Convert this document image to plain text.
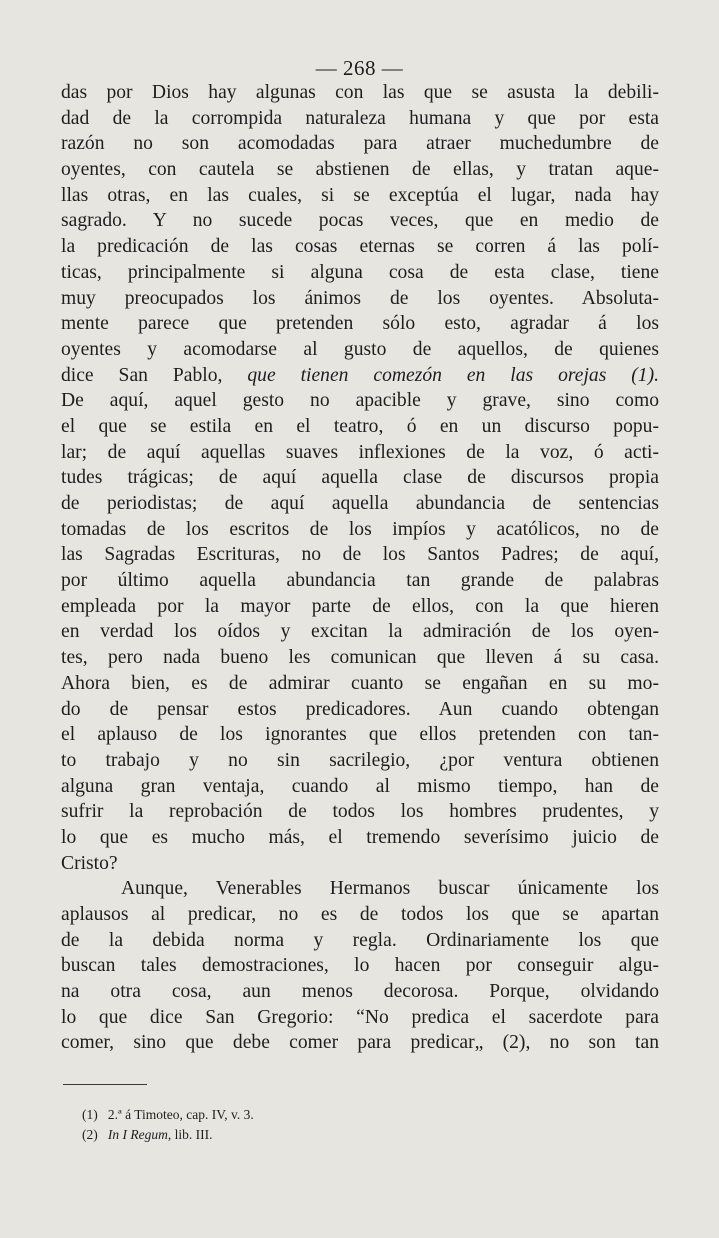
— 268 —
das por Dios hay algunas con las que se asusta la debili-
dad de la corrompida naturaleza humana y que por esta
razón no son acomodadas para atraer muchedumbre de
oyentes, con cautela se abstienen de ellas, y tratan aque-
llas otras, en las cuales, si se exceptúa el lugar, nada hay
sagrado. Y no sucede pocas veces, que en medio de
la predicación de las cosas eternas se corren á las polí-
ticas, principalmente si alguna cosa de esta clase, tiene
muy preocupados los ánimos de los oyentes. Absoluta-
mente parece que pretenden sólo esto, agradar á los
oyentes y acomodarse al gusto de aquellos, de quienes
dice San Pablo, que tienen comezón en las orejas (1).
De aquí, aquel gesto no apacible y grave, sino como
el que se estila en el teatro, ó en un discurso popu-
lar; de aquí aquellas suaves inflexiones de la voz, ó acti-
tudes trágicas; de aquí aquella clase de discursos propia
de periodistas; de aquí aquella abundancia de sentencias
tomadas de los escritos de los impíos y acatólicos, no de
las Sagradas Escrituras, no de los Santos Padres; de aquí,
por último aquella abundancia tan grande de palabras
empleada por la mayor parte de ellos, con la que hieren
en verdad los oídos y excitan la admiración de los oyen-
tes, pero nada bueno les comunican que lleven á su casa.
Ahora bien, es de admirar cuanto se engañan en su mo-
do de pensar estos predicadores. Aun cuando obtengan
el aplauso de los ignorantes que ellos pretenden con tan-
to trabajo y no sin sacrilegio, ¿por ventura obtienen
alguna gran ventaja, cuando al mismo tiempo, han de
sufrir la reprobación de todos los hombres prudentes, y
lo que es mucho más, el tremendo severísimo juicio de
Cristo?
Aunque, Venerables Hermanos buscar únicamente los
aplausos al predicar, no es de todos los que se apartan
de la debida norma y regla. Ordinariamente los que
buscan tales demostraciones, lo hacen por conseguir algu-
na otra cosa, aun menos decorosa. Porque, olvidando
lo que dice San Gregorio: “No predica el sacerdote para
comer, sino que debe comer para predicar„ (2), no son tan
(1) 2.ª á Timoteo, cap. IV, v. 3.
(2) In I Regum, lib. III.
